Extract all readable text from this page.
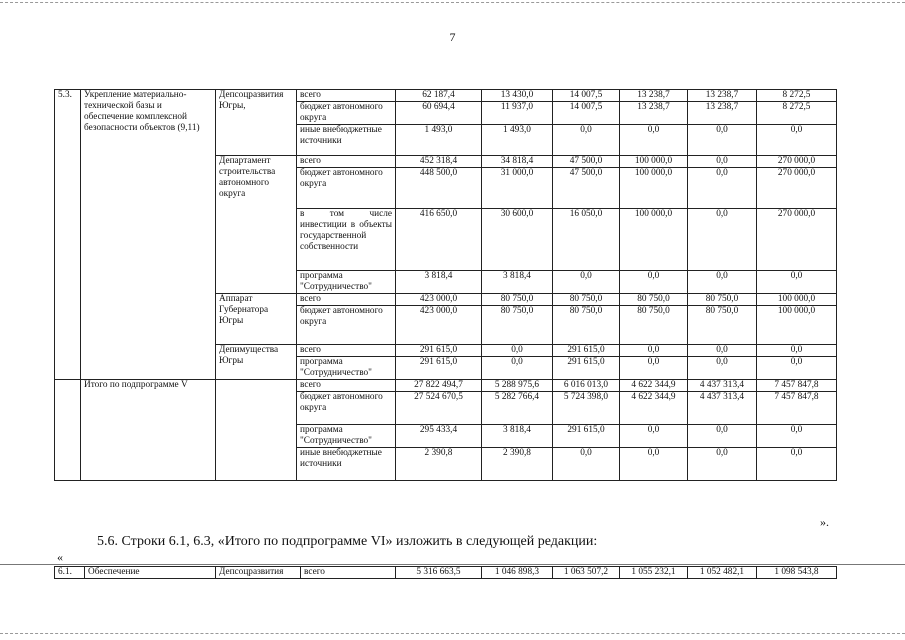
7
5.3.	Укрепление материально-технической базы и обеспечение комплексной безопасности объектов (9,11)	Депсоцразвития Югры,	всего	62 187,4	13 430,0	14 007,5	13 238,7	13 238,7	8 272,5
			бюджет автономного округа	60 694,4	11 937,0	14 007,5	13 238,7	13 238,7	8 272,5
			иные внебюджетные источники	1 493,0	1 493,0	0,0	0,0	0,0	0,0
		Департамент строительства автономного округа	всего	452 318,4	34 818,4	47 500,0	100 000,0	0,0	270 000,0
			бюджет автономного округа	448 500,0	31 000,0	47 500,0	100 000,0	0,0	270 000,0
			в том числе инвестиции в объекты государственной собственности	416 650,0	30 600,0	16 050,0	100 000,0	0,0	270 000,0
			программа "Сотрудничество"	3 818,4	3 818,4	0,0	0,0	0,0	0,0
		Аппарат Губернатора Югры	всего	423 000,0	80 750,0	80 750,0	80 750,0	80 750,0	100 000,0
			бюджет автономного округа	423 000,0	80 750,0	80 750,0	80 750,0	80 750,0	100 000,0
		Депимущества Югры	всего	291 615,0	0,0	291 615,0	0,0	0,0	0,0
			программа "Сотрудничество"	291 615,0	0,0	291 615,0	0,0	0,0	0,0
	Итого по подпрограмме V		всего	27 822 494,7	5 288 975,6	6 016 013,0	4 622 344,9	4 437 313,4	7 457 847,8
			бюджет автономного округа	27 524 670,5	5 282 766,4	5 724 398,0	4 622 344,9	4 437 313,4	7 457 847,8
			программа "Сотрудничество"	295 433,4	3 818,4	291 615,0	0,0	0,0	0,0
			иные внебюджетные источники	2 390,8	2 390,8	0,0	0,0	0,0	0,0
».
5.6. Строки 6.1, 6.3, «Итого по подпрограмме VI» изложить в следующей редакции:
«
6.1.	Обеспечение	Депсоцразвития	всего	5 316 663,5	1 046 898,3	1 063 507,2	1 055 232,1	1 052 482,1	1 098 543,8
